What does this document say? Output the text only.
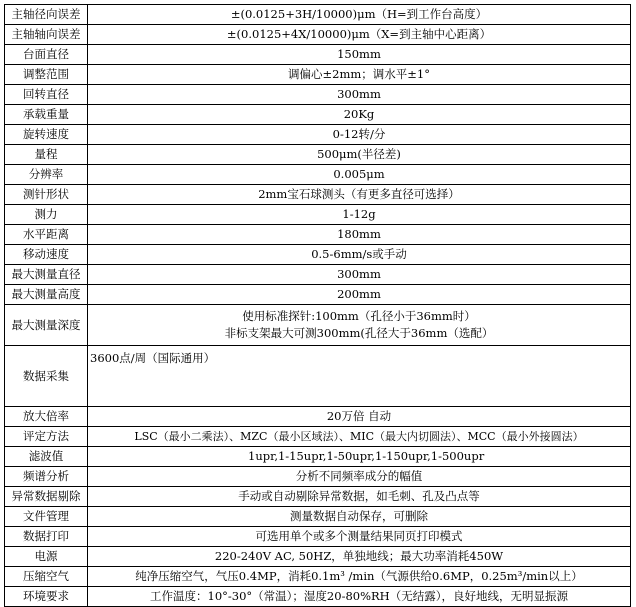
主轴径向误差	±(0.0125+3H/10000)μm（H=到工作台高度）
主轴轴向误差	±(0.0125+4X/10000)μm（X=到主轴中心距离）
台面直径	150mm
调整范围	调偏心±2mm；调水平±1°
回转直径	300mm
承载重量	20Kg
旋转速度	0-12转/分
量程	500μm(半径差)
分辨率	0.005μm
测针形状	2mm宝石球测头（有更多直径可选择）
测力	1-12g
水平距离	180mm
移动速度	0.5-6mm/s或手动
最大测量直径	300mm
最大测量高度	200mm
最大测量深度	使用标准探针:100mm（孔径小于36mm时）
非标支架最大可测300mm(孔径大于36mm（选配）

数据采集	3600点/周（国际通用）
放大倍率	20万倍 自动
评定方法	LSC（最小二乘法）、MZC（最小区域法）、MIC（最大内切圆法）、MCC（最小外接圆法）
滤波值	1upr,1-15upr,1-50upr,1-150upr,1-500upr
频谱分析	分析不同频率成分的幅值
异常数据剔除	手动或自动剔除异常数据，如毛刺、孔及凸点等
文件管理	测量数据自动保存，可删除
数据打印	可选用单个或多个测量结果同页打印模式
电源	220-240V AC, 50HZ，单独地线；最大功率消耗450W
压缩空气	纯净压缩空气，气压0.4MP，消耗0.1m³ /min（气源供给0.6MP，0.25m³/min以上）
环境要求	工作温度：10°-30°（常温）；湿度20-80%RH（无结露），良好地线，无明显振源
